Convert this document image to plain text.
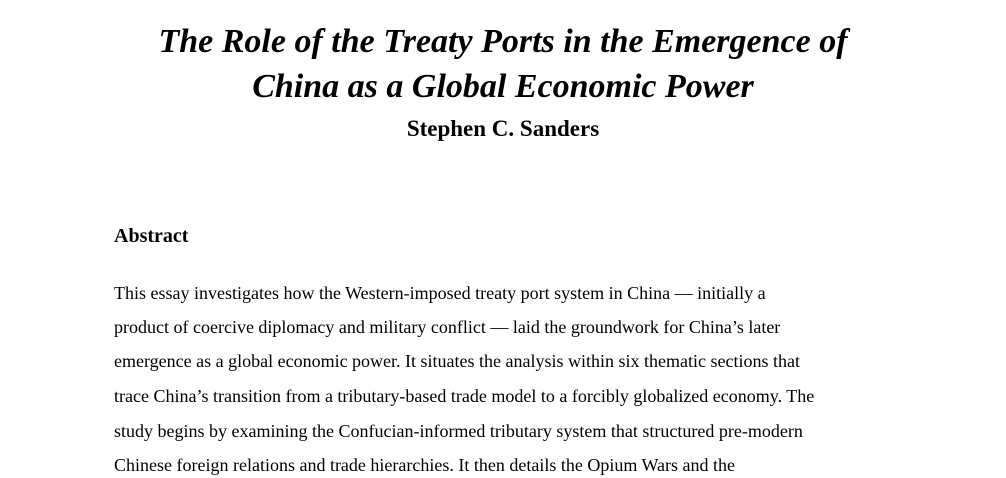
The Role of the Treaty Ports in the Emergence of
China as a Global Economic Power
Stephen C. Sanders
Abstract

This essay investigates how the Western-imposed treaty port system in China — initially a

product of coercive diplomacy and military conflict — laid the groundwork for China’s later

emergence as a global economic power. It situates the analysis within six thematic sections that

trace China’s transition from a tributary-based trade model to a forcibly globalized economy. The

study begins by examining the Confucian-informed tributary system that structured pre-modern

Chinese foreign relations and trade hierarchies. It then details the Opium Wars and the
